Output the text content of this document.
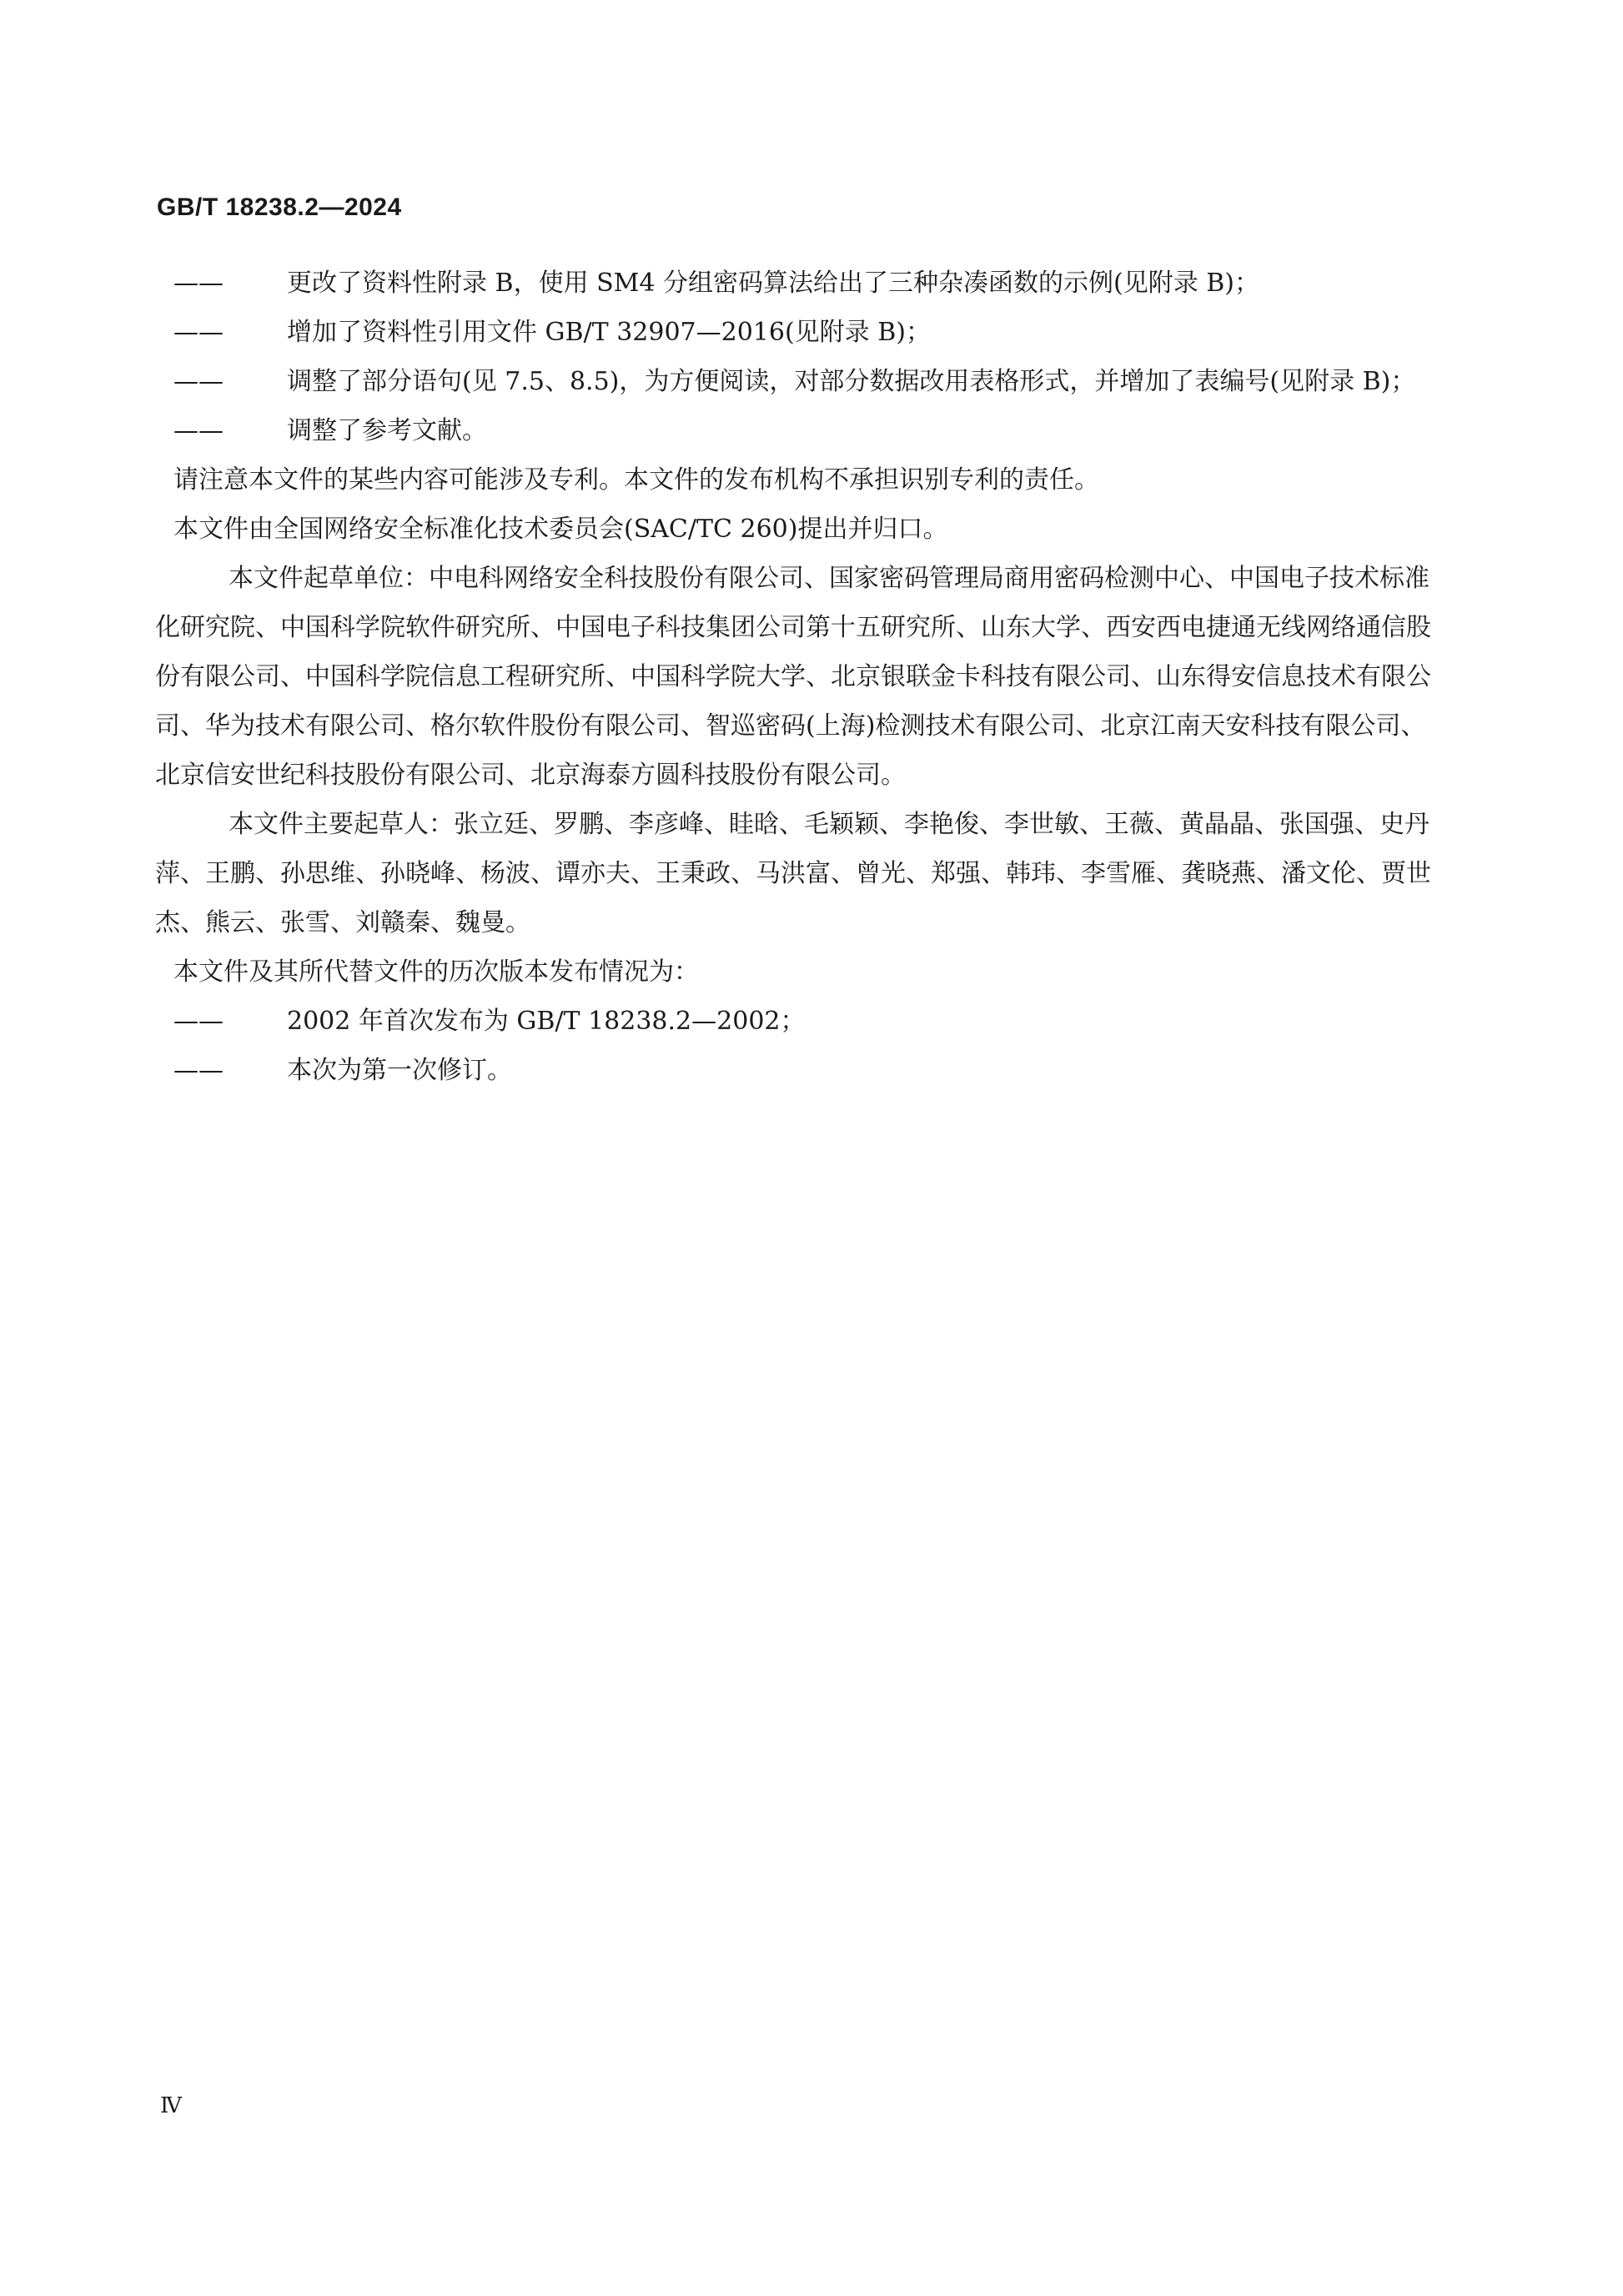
GB/T 18238.2—2024

——	更改了资料性附录 B，使用 SM4 分组密码算法给出了三种杂凑函数的示例(见附录 B)；

——	增加了资料性引用文件 GB/T 32907—2016(见附录 B)；

——	调整了部分语句(见 7.5、8.5)，为方便阅读，对部分数据改用表格形式，并增加了表编号(见附录 B)；

——	调整了参考文献。

请注意本文件的某些内容可能涉及专利。本文件的发布机构不承担识别专利的责任。

本文件由全国网络安全标准化技术委员会(SAC/TC 260)提出并归口。

本文件起草单位：中电科网络安全科技股份有限公司、国家密码管理局商用密码检测中心、中国电子技术标准化研究院、中国科学院软件研究所、中国电子科技集团公司第十五研究所、山东大学、西安西电捷通无线网络通信股份有限公司、中国科学院信息工程研究所、中国科学院大学、北京银联金卡科技有限公司、山东得安信息技术有限公司、华为技术有限公司、格尔软件股份有限公司、智巡密码(上海)检测技术有限公司、北京江南天安科技有限公司、北京信安世纪科技股份有限公司、北京海泰方圆科技股份有限公司。

本文件主要起草人：张立廷、罗鹏、李彦峰、眭晗、毛颖颖、李艳俊、李世敏、王薇、黄晶晶、张国强、史丹萍、王鹏、孙思维、孙晓峰、杨波、谭亦夫、王秉政、马洪富、曾光、郑强、韩玮、李雪雁、龚晓燕、潘文伦、贾世杰、熊云、张雪、刘赣秦、魏曼。

本文件及其所代替文件的历次版本发布情况为：

——	2002 年首次发布为 GB/T 18238.2—2002；

——	本次为第一次修订。

Ⅳ
